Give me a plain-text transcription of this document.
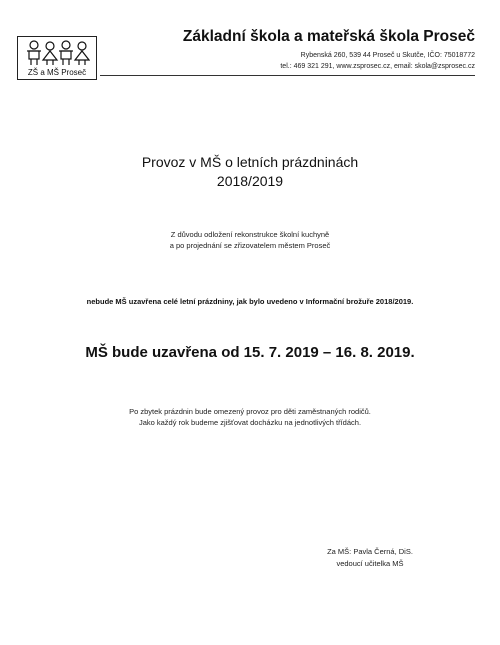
ZŠ a MŠ Proseč
Základní škola a mateřská škola Proseč
Rybenská 260, 539 44 Proseč u Skutče, IČO: 75018772
tel.: 469 321 291, www.zsprosec.cz, email: skola@zsprosec.cz
Provoz v MŠ o letních prázdninách
2018/2019
Z důvodu odložení rekonstrukce školní kuchyně
a po projednání se zřizovatelem městem Proseč
nebude MŠ uzavřena celé letní prázdniny, jak bylo uvedeno v Informační brožuře 2018/2019.
MŠ bude uzavřena od 15. 7. 2019 – 16. 8. 2019.
Po zbytek prázdnin bude omezený provoz pro děti zaměstnaných rodičů.
Jako každý rok budeme zjišťovat docházku na jednotlivých třídách.
Za MŠ: Pavla Černá, DiS.
vedoucí učitelka MŠ
